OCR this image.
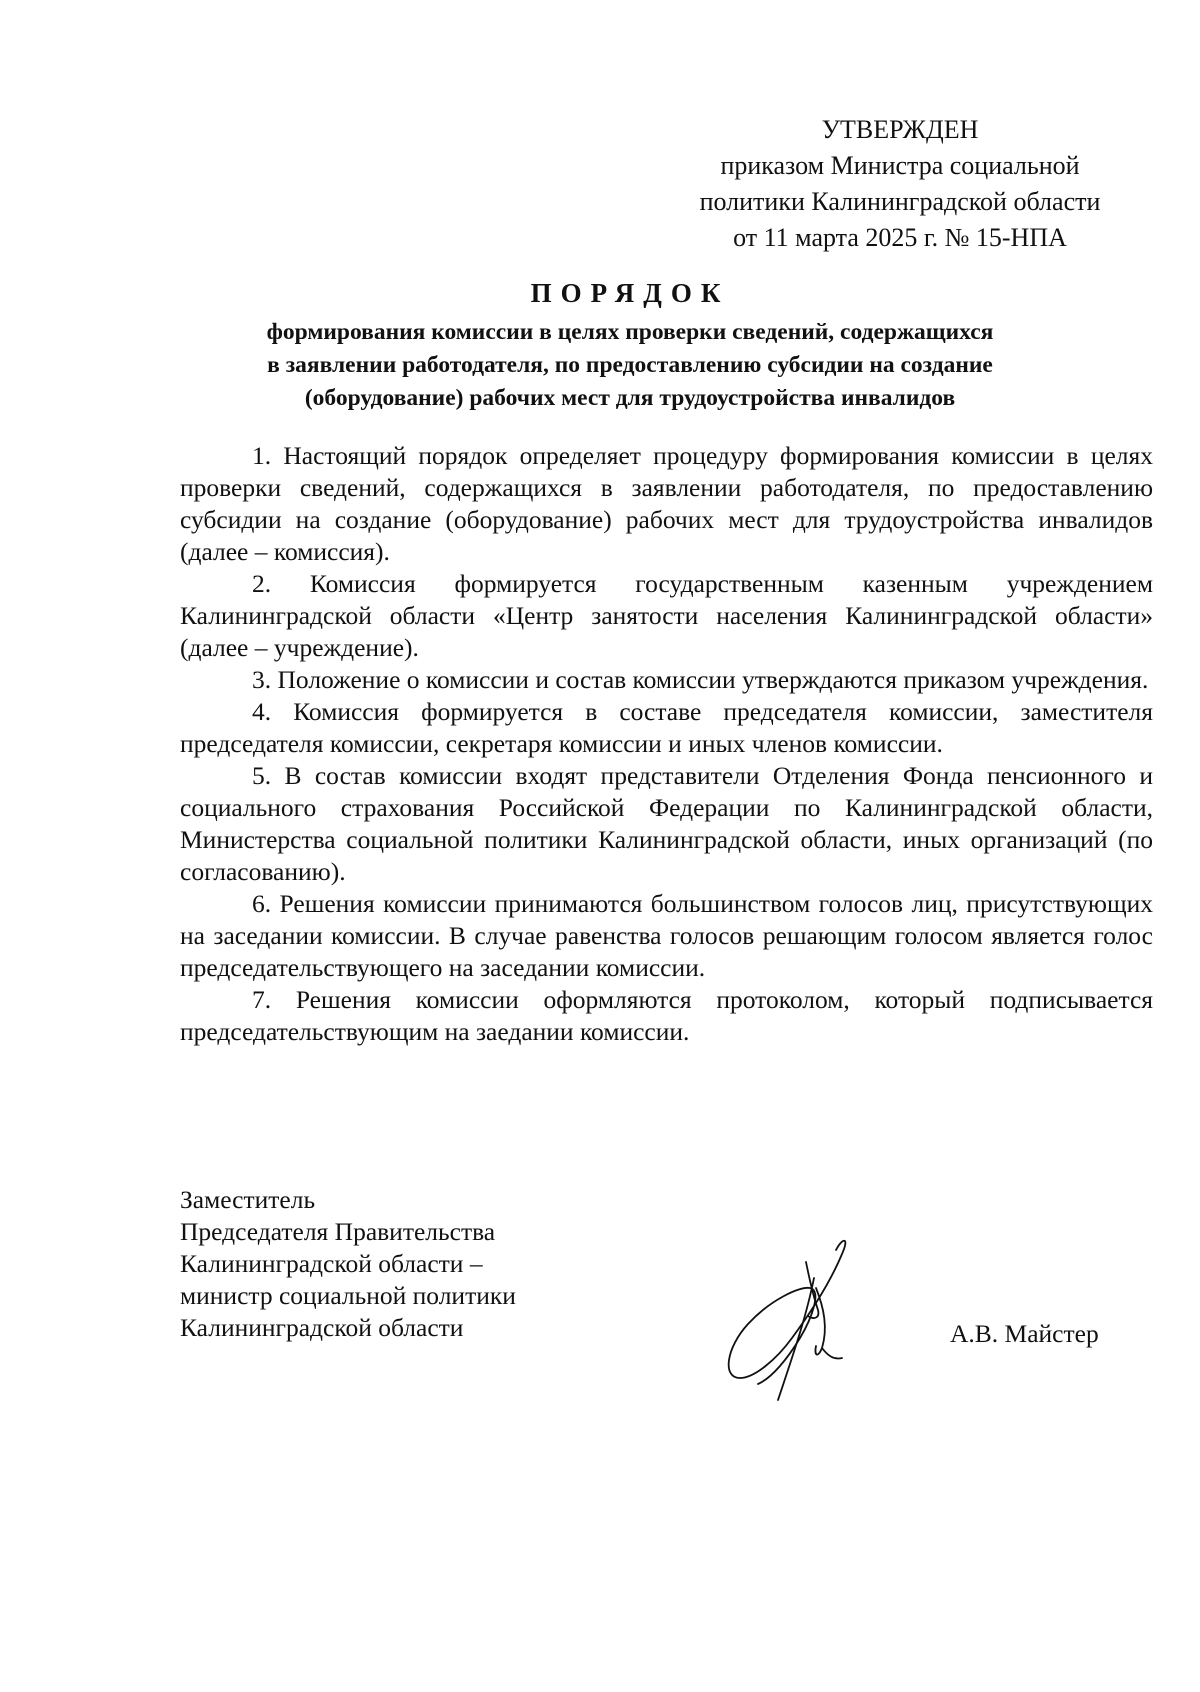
УТВЕРЖДЕН
приказом Министра социальной
политики Калининградской области
от 11 марта 2025 г. № 15-НПА
ПОРЯДОК
формирования комиссии в целях проверки сведений, содержащихся
в заявлении работодателя, по предоставлению субсидии на создание
(оборудование) рабочих мест для трудоустройства инвалидов

1. Настоящий порядок определяет процедуру формирования комиссии в целях проверки сведений, содержащихся в заявлении работодателя, по предоставлению субсидии на создание (оборудование) рабочих мест для трудоустройства инвалидов (далее – комиссия).

2. Комиссия формируется государственным казенным учреждением Калининградской области «Центр занятости населения Калининградской области» (далее – учреждение).

3. Положение о комиссии и состав комиссии утверждаются приказом учреждения.

4. Комиссия формируется в составе председателя комиссии, заместителя председателя комиссии, секретаря комиссии и иных членов комиссии.

5. В состав комиссии входят представители Отделения Фонда пенсионного и социального страхования Российской Федерации по Калининградской области, Министерства социальной политики Калининградской области, иных организаций (по согласованию).

6. Решения комиссии принимаются большинством голосов лиц, присутствующих на заседании комиссии. В случае равенства голосов решающим голосом является голос председательствующего на заседании комиссии.

7. Решения комиссии оформляются протоколом, который подписывается председательствующим на заедании комиссии.

Заместитель
Председателя Правительства
Калининградской области –
министр социальной политики
Калининградской области	А.В. Майстер
